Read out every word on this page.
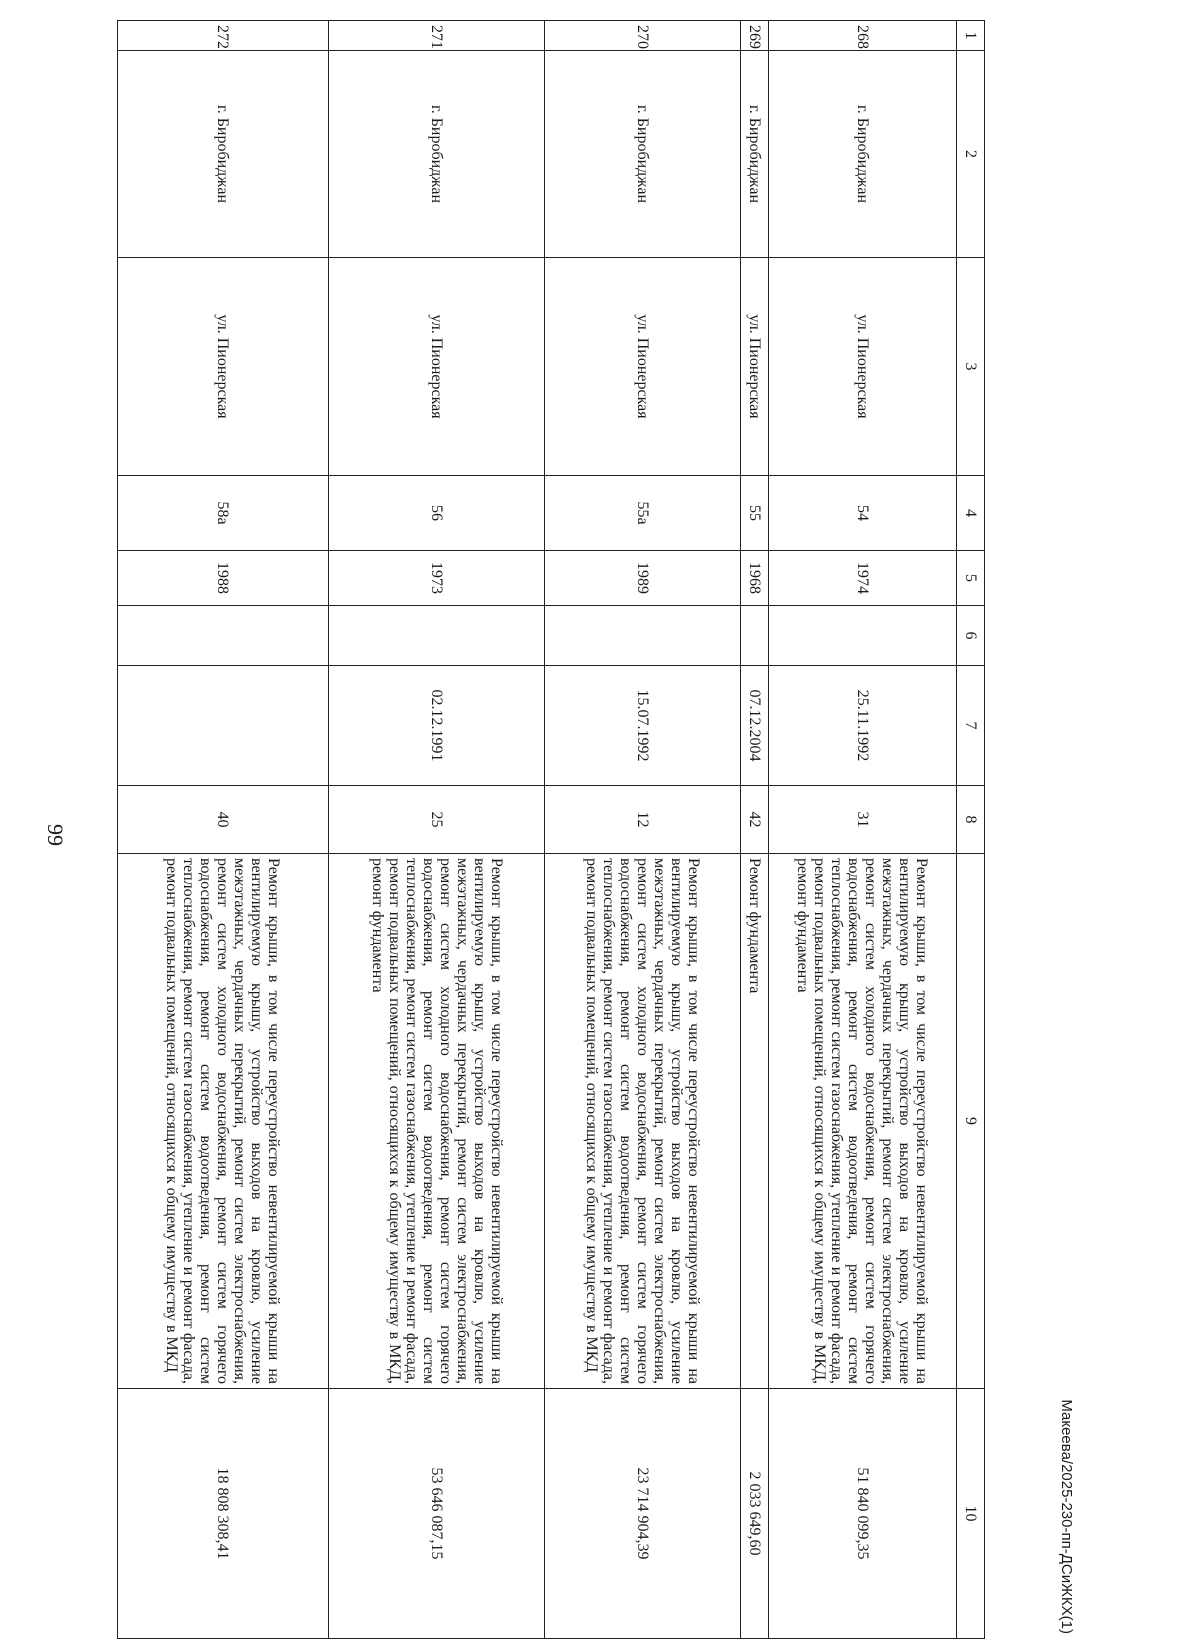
99
Макеева/2025-230-пп-ДСиЖКХ(1)
1	2	3	4	5	6	7	8	9	10
268	г. Биробиджан	ул. Пионерская	54	1974		25.11.1992	31	Ремонт крыши, в том числе переустройство невентилируемой крыши на вентилируемую крышу, устройство выходов на кровлю, усиление межэтажных, чердачных перекрытий, ремонт систем электроснабжения, ремонт систем холодного водоснабжения, ремонт систем горячего водоснабжения, ремонт систем водоотведения, ремонт систем теплоснабжения, ремонт систем газоснабжения, утепление и ремонт фасада, ремонт подвальных помещений, относящихся к общему имуществу в МКД, ремонт фундамента	51 840 099,35
269	г. Биробиджан	ул. Пионерская	55	1968		07.12.2004	42	Ремонт фундамента	2 033 649,60
270	г. Биробиджан	ул. Пионерская	55а	1989		15.07.1992	12	Ремонт крыши, в том числе переустройство невентилируемой крыши на вентилируемую крышу, устройство выходов на кровлю, усиление межэтажных, чердачных перекрытий, ремонт систем электроснабжения, ремонт систем холодного водоснабжения, ремонт систем горячего водоснабжения, ремонт систем водоотведения, ремонт систем теплоснабжения, ремонт систем газоснабжения, утепление и ремонт фасада, ремонт подвальных помещений, относящихся к общему имуществу в МКД	23 714 904,39
271	г. Биробиджан	ул. Пионерская	56	1973		02.12.1991	25	Ремонт крыши, в том числе переустройство невентилируемой крыши на вентилируемую крышу, устройство выходов на кровлю, усиление межэтажных, чердачных перекрытий, ремонт систем электроснабжения, ремонт систем холодного водоснабжения, ремонт систем горячего водоснабжения, ремонт систем водоотведения, ремонт систем теплоснабжения, ремонт систем газоснабжения, утепление и ремонт фасада, ремонт подвальных помещений, относящихся к общему имуществу в МКД, ремонт фундамента	53 646 087,15
272	г. Биробиджан	ул. Пионерская	58а	1988			40	Ремонт крыши, в том числе переустройство невентилируемой крыши на вентилируемую крышу, устройство выходов на кровлю, усиление межэтажных, чердачных перекрытий, ремонт систем электроснабжения, ремонт систем холодного водоснабжения, ремонт систем горячего водоснабжения, ремонт систем водоотведения, ремонт систем теплоснабжения, ремонт систем газоснабжения, утепление и ремонт фасада, ремонт подвальных помещений, относящихся к общему имуществу в МКД	18 808 308,41
